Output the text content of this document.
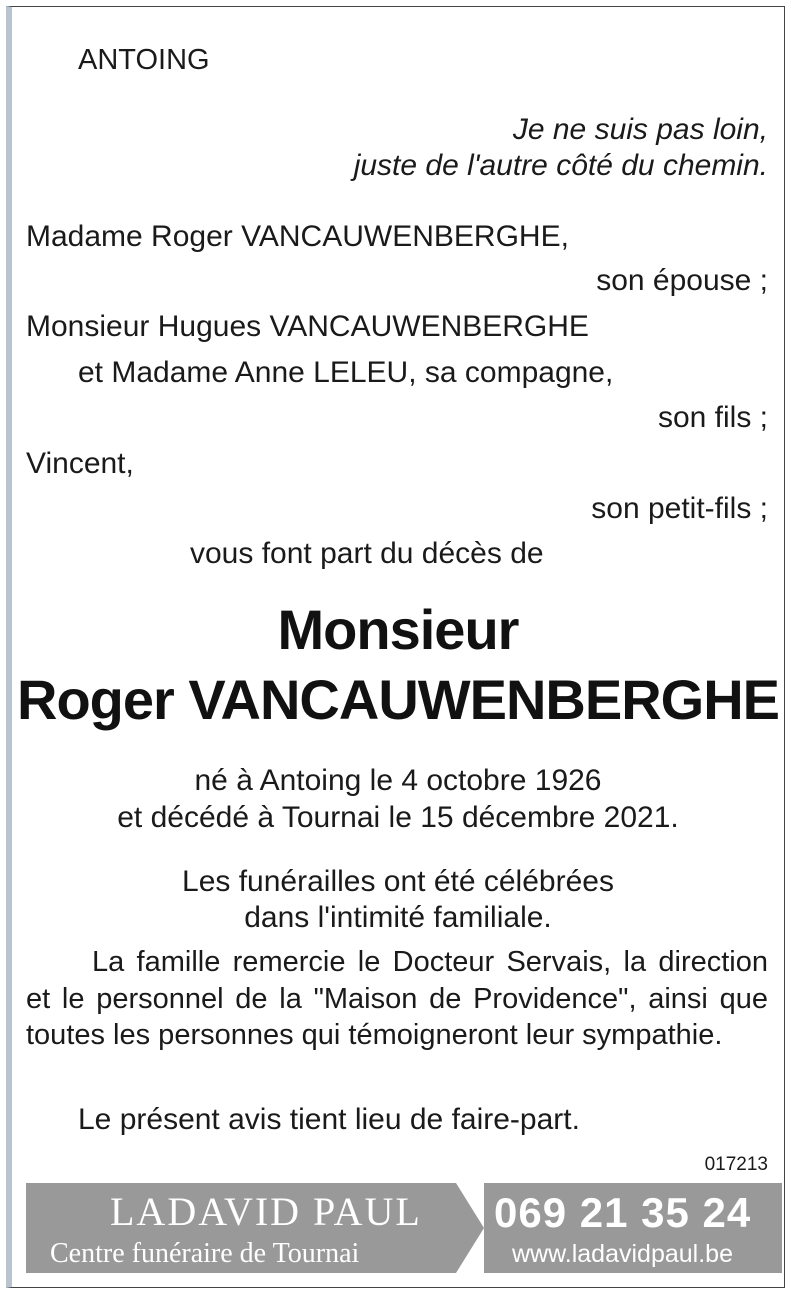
ANTOING
Je ne suis pas loin,
juste de l'autre côté du chemin.
Madame Roger VANCAUWENBERGHE,
son épouse ;
Monsieur Hugues VANCAUWENBERGHE
et Madame Anne LELEU, sa compagne,
son fils ;
Vincent,
son petit-fils ;
vous font part du décès de
Monsieur
Roger VANCAUWENBERGHE
né à Antoing le 4 octobre 1926
et décédé à Tournai le 15 décembre 2021.
Les funérailles ont été célébrées
dans l'intimité familiale.
La famille remercie le Docteur Servais, la direction et le personnel de la "Maison de Providence", ainsi que toutes les personnes qui témoigneront leur sympathie.
Le présent avis tient lieu de faire-part.
017213
LADAVID PAUL
Centre funéraire de Tournai
069 21 35 24
www.ladavidpaul.be
